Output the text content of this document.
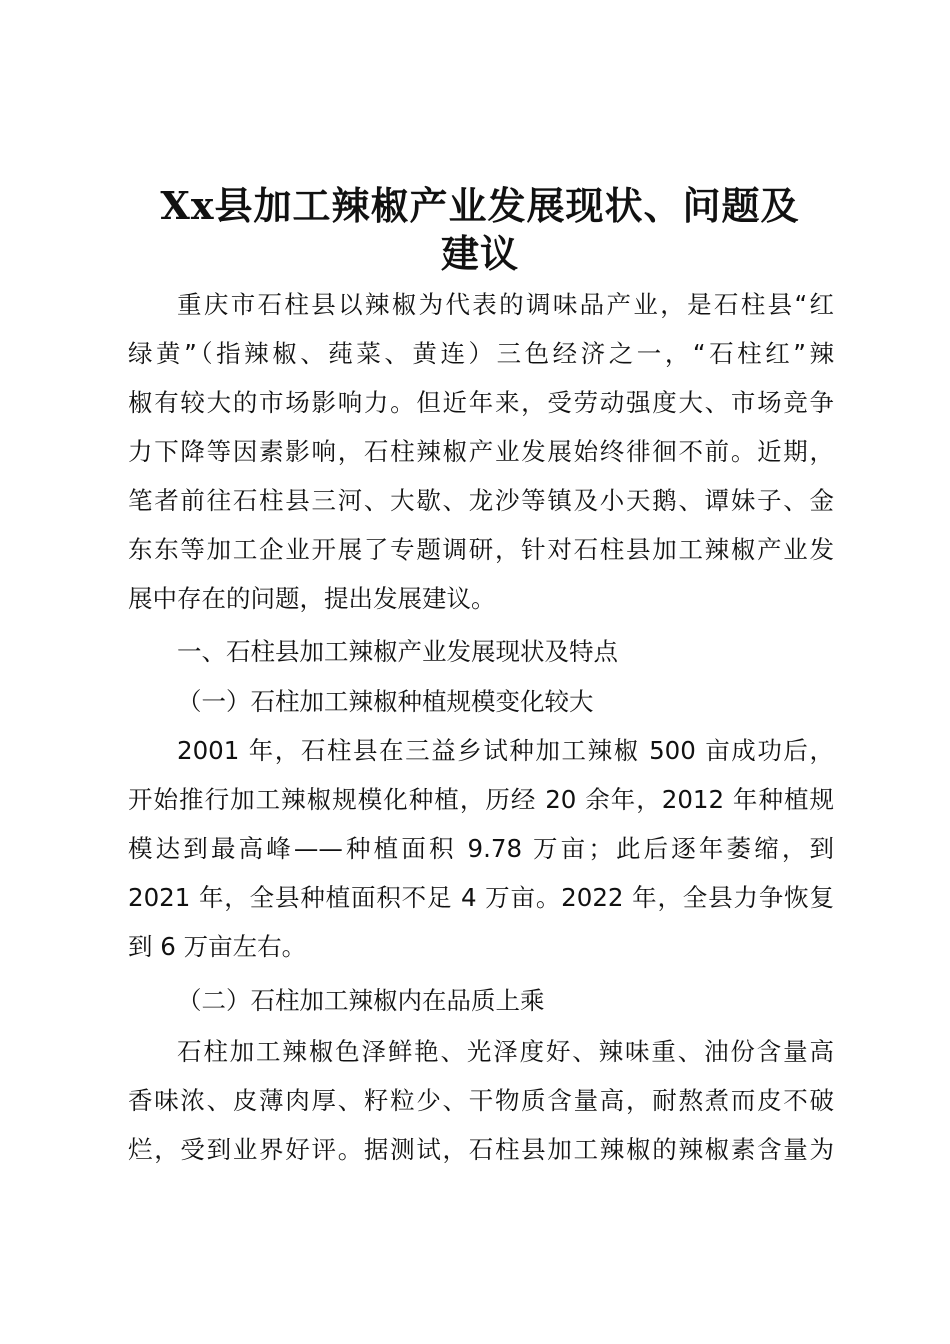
Xx县加工辣椒产业发展现状、问题及
建议
重庆市石柱县以辣椒为代表的调味品产业，是石柱县“红
绿黄”（指辣椒、莼菜、黄连）三色经济之一，“石柱红”辣
椒有较大的市场影响力。但近年来，受劳动强度大、市场竞争
力下降等因素影响，石柱辣椒产业发展始终徘徊不前。近期，
笔者前往石柱县三河、大歇、龙沙等镇及小天鹅、谭妹子、金
东东等加工企业开展了专题调研，针对石柱县加工辣椒产业发
展中存在的问题，提出发展建议。
一、石柱县加工辣椒产业发展现状及特点
（一）石柱加工辣椒种植规模变化较大
2001 年，石柱县在三益乡试种加工辣椒 500 亩成功后，
开始推行加工辣椒规模化种植，历经 20 余年，2012 年种植规
模达到最高峰——种植面积 9.78 万亩；此后逐年萎缩，到
2021 年，全县种植面积不足 4 万亩。2022 年，全县力争恢复
到 6 万亩左右。
（二）石柱加工辣椒内在品质上乘
石柱加工辣椒色泽鲜艳、光泽度好、辣味重、油份含量高
香味浓、皮薄肉厚、籽粒少、干物质含量高，耐熬煮而皮不破
烂，受到业界好评。据测试，石柱县加工辣椒的辣椒素含量为
